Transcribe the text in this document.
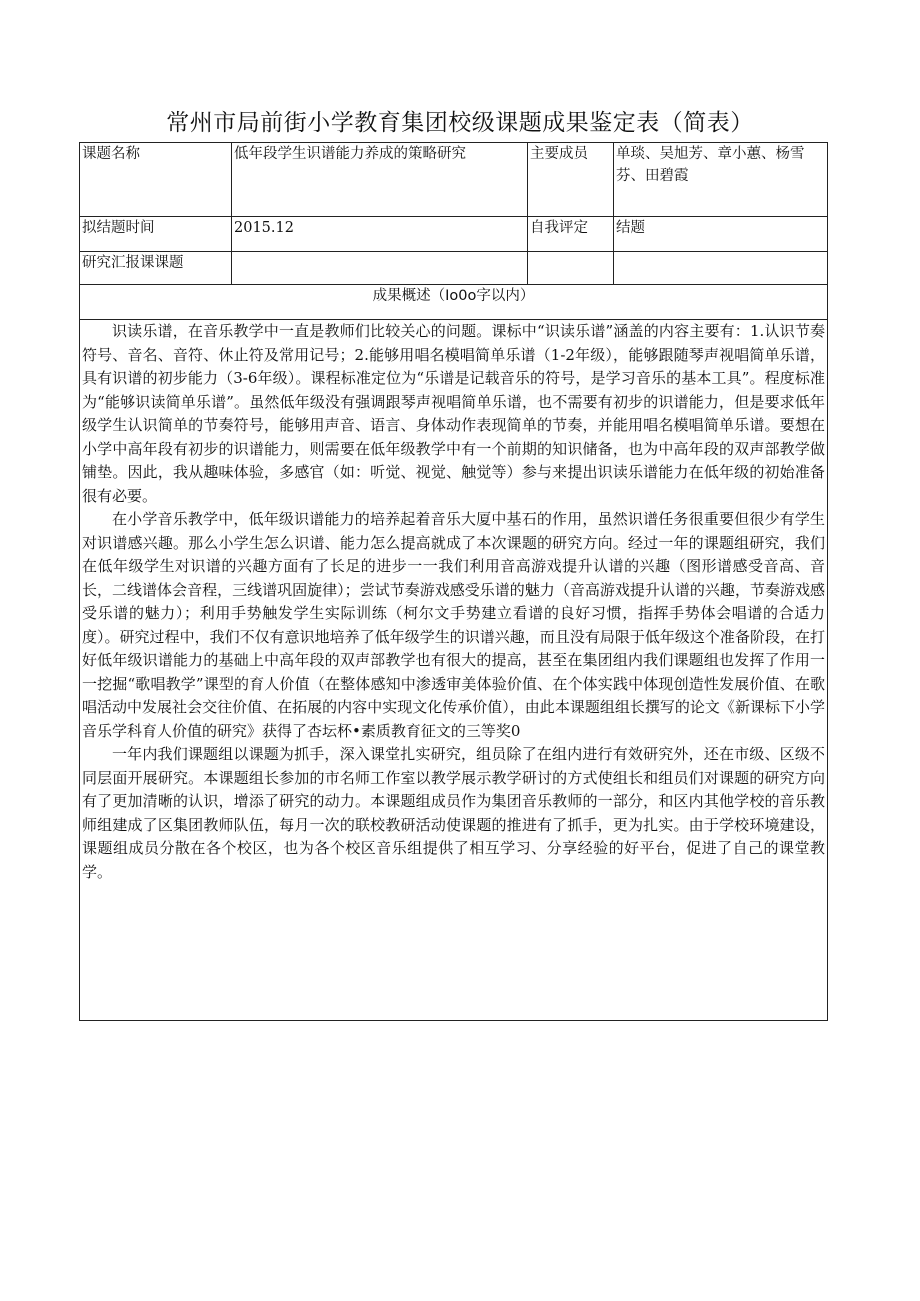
常州市局前街小学教育集团校级课题成果鉴定表（简表）
课题名称	低年段学生识谱能力养成的策略研究	主要成员	单琰、吴旭芳、章小蕙、杨雪芬、田碧霞
拟结题时间	2015.12	自我评定	结题
研究汇报课课题			
成果概述（Io0o字以内）			

识读乐谱，在音乐教学中一直是教师们比较关心的问题。课标中“识读乐谱”涵盖的内容主要有：1.认识节奏符号、音名、音符、休止符及常用记号；2.能够用唱名模唱简单乐谱（1-2年级），能够跟随琴声视唱简单乐谱，具有识谱的初步能力（3-6年级）。课程标准定位为“乐谱是记载音乐的符号，是学习音乐的基本工具”。程度标准为“能够识读简单乐谱”。虽然低年级没有强调跟琴声视唱简单乐谱，也不需要有初步的识谱能力，但是要求低年级学生认识简单的节奏符号，能够用声音、语言、身体动作表现简单的节奏，并能用唱名模唱简单乐谱。要想在小学中高年段有初步的识谱能力，则需要在低年级教学中有一个前期的知识储备，也为中高年段的双声部教学做铺垫。因此，我从趣味体验，多感官（如：听觉、视觉、触觉等）参与来提出识读乐谱能力在低年级的初始准备很有必要。

在小学音乐教学中，低年级识谱能力的培养起着音乐大厦中基石的作用，虽然识谱任务很重要但很少有学生对识谱感兴趣。那么小学生怎么识谱、能力怎么提高就成了本次课题的研究方向。经过一年的课题组研究，我们在低年级学生对识谱的兴趣方面有了长足的进步一一我们利用音高游戏提升认谱的兴趣（图形谱感受音高、音长，二线谱体会音程，三线谱巩固旋律）；尝试节奏游戏感受乐谱的魅力（音高游戏提升认谱的兴趣，节奏游戏感受乐谱的魅力）；利用手势触发学生实际训练（柯尔文手势建立看谱的良好习惯，指挥手势体会唱谱的合适力度）。研究过程中，我们不仅有意识地培养了低年级学生的识谱兴趣，而且没有局限于低年级这个准备阶段，在打好低年级识谱能力的基础上中高年段的双声部教学也有很大的提高，甚至在集团组内我们课题组也发挥了作用一一挖掘“歌唱教学”课型的育人价值（在整体感知中渗透审美体验价值、在个体实践中体现创造性发展价值、在歌唱活动中发展社会交往价值、在拓展的内容中实现文化传承价值），由此本课题组组长撰写的论文《新课标下小学音乐学科育人价值的研究》获得了杏坛杯•素质教育征文的三等奖0

一年内我们课题组以课题为抓手，深入课堂扎实研究，组员除了在组内进行有效研究外，还在市级、区级不同层面开展研究。本课题组长参加的市名师工作室以教学展示教学研讨的方式使组长和组员们对课题的研究方向有了更加清晰的认识，增添了研究的动力。本课题组成员作为集团音乐教师的一部分，和区内其他学校的音乐教师组建成了区集团教师队伍，每月一次的联校教研活动使课题的推进有了抓手，更为扎实。由于学校环境建设，课题组成员分散在各个校区，也为各个校区音乐组提供了相互学习、分享经验的好平台，促进了自己的课堂教学。			
